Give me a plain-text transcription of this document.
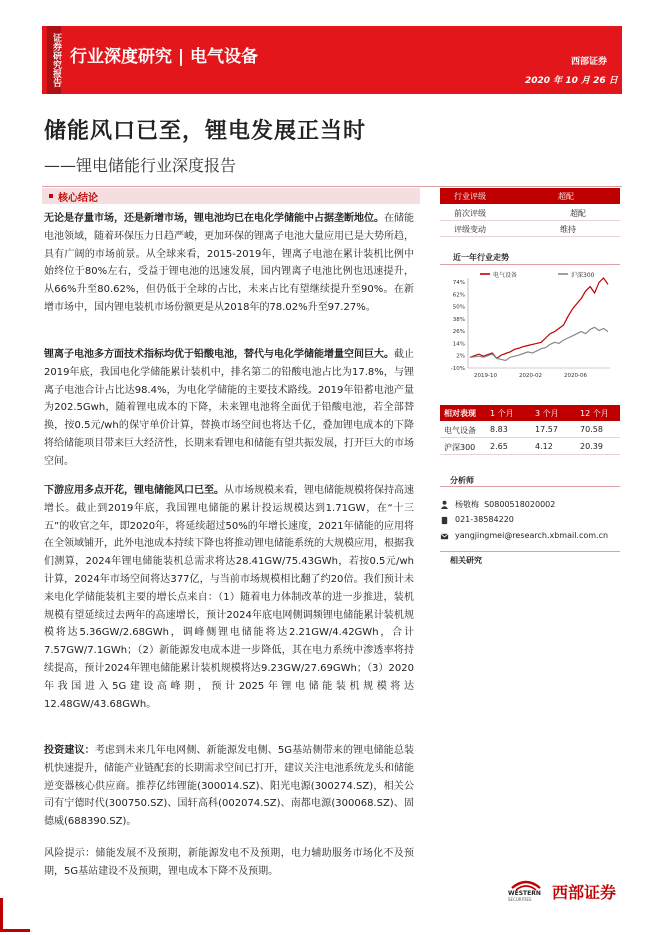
证券研究报告 行业深度研究 | 电气设备	西部证券
2020 年 10 月 26 日
储能风口已至，锂电发展正当时
——锂电储能行业深度报告
核心结论
无论是存量市场，还是新增市场，锂电池均已在电化学储能中占据垄断地位。在储能电池领域，随着环保压力日趋严峻，更加环保的锂离子电池大量应用已是大势所趋，具有广阔的市场前景。从全球来看，2015-2019年，锂离子电池在累计装机比例中始终位于80%左右，受益于锂电池的迅速发展，国内锂离子电池比例也迅速提升，从66%升至80.62%，但仍低于全球的占比，未来占比有望继续提升至90%。在新增市场中，国内锂电装机市场份额更是从2018年的78.02%升至97.27%。
锂离子电池多方面技术指标均优于铅酸电池，替代与电化学储能增量空间巨大。截止2019年底，我国电化学储能累计装机中，排名第二的铅酸电池占比为17.8%，与锂离子电池合计占比达98.4%，为电化学储能的主要技术路线。2019年铅蓄电池产量为202.5Gwh，随着锂电成本的下降，未来锂电池将全面优于铅酸电池，若全部替换，按0.5元/wh的保守单价计算，替换市场空间也将达千亿，叠加锂电成本的下降将给储能项目带来巨大经济性，长期来看锂电和储能有望共振发展，打开巨大的市场空间。
下游应用多点开花，锂电储能风口已至。从市场规模来看，锂电储能规模将保持高速增长。截止到2019年底，我国锂电储能的累计投运规模达到1.71GW，在“十三五”的收官之年，即2020年，将延续超过50%的年增长速度，2021年储能的应用将在全领域铺开，此外电池成本持续下降也将推动锂电储能系统的大规模应用，根据我们测算，2024年锂电储能装机总需求将达28.41GW/75.43GWh，若按0.5元/wh计算，2024年市场空间将达377亿，与当前市场规模相比翻了约20倍。我们预计未来电化学储能装机主要的增长点来自：（1）随着电力体制改革的进一步推进，装机规模有望延续过去两年的高速增长，预计2024年底电网侧调频锂电储能累计装机规模将达5.36GW/2.68GWh，调峰侧锂电储能将达2.21GW/4.42GWh，合计7.57GW/7.1GWh；（2）新能源发电成本进一步降低，其在电力系统中渗透率将持续提高，预计2024年锂电储能累计装机规模将达9.23GW/27.69GWh；（3）2020年我国进入5G建设高峰期，预计2025年锂电储能装机规模将达12.48GW/43.68GWh。
投资建议：考虑到未来几年电网侧、新能源发电侧、5G基站侧带来的锂电储能总装机快速提升，储能产业链配套的长期需求空间已打开，建议关注电池系统龙头和储能逆变器核心供应商。推荐亿纬锂能(300014.SZ)、阳光电源(300274.SZ)，相关公司有宁德时代(300750.SZ)、国轩高科(002074.SZ)、南都电源(300068.SZ)、固德威(688390.SZ)。
风险提示：储能发展不及预期，新能源发电不及预期，电力辅助服务市场化不及预期，5G基站建设不及预期，锂电成本下降不及预期。
行业评级	超配
前次评级	超配
评级变动	维持
近一年行业走势
电气设备	沪深300
74%
62%
50%
38%
26%
14%
2%
-10%
2019-10	2020-02	2020-06
相对表现 1 个月	3 个月	12 个月
电气设备 8.83	17.57	70.58
沪深300 2.65	4.12	20.39
分析师
杨敬梅 S0800518020002
021-38584220
yangjingmei@research.xbmail.com.cn
相关研究
WESTERN
SECURITIES 西部证券
